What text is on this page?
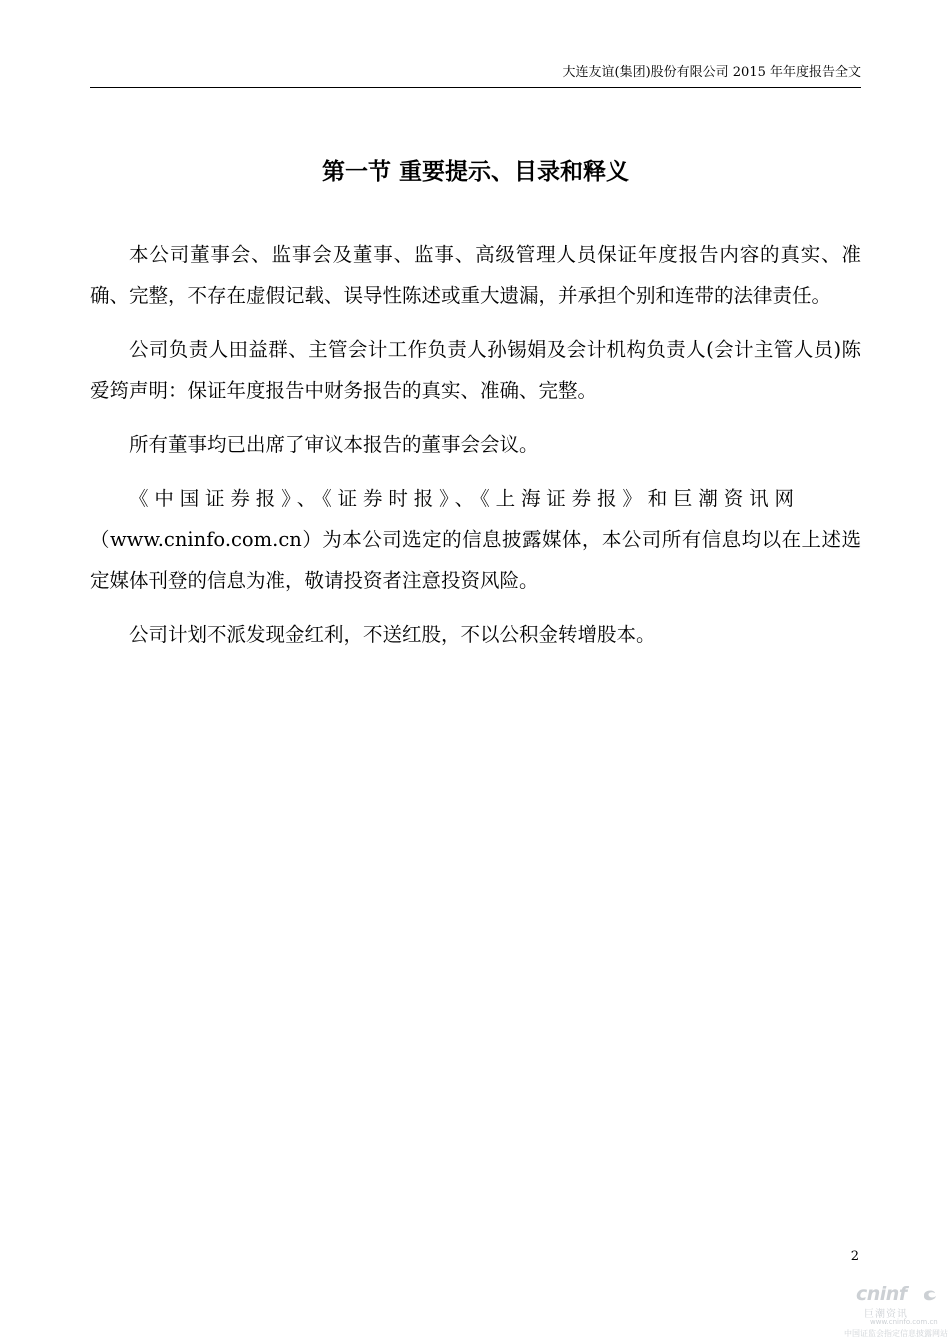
大连友谊(集团)股份有限公司 2015 年年度报告全文
第一节 重要提示、目录和释义

本公司董事会、监事会及董事、监事、高级管理人员保证年度报告内容的真实、准确、完整，不存在虚假记载、误导性陈述或重大遗漏，并承担个别和连带的法律责任。

公司负责人田益群、主管会计工作负责人孙锡娟及会计机构负责人(会计主管人员)陈爱筠声明：保证年度报告中财务报告的真实、准确、完整。

所有董事均已出席了审议本报告的董事会会议。

《中国证券报》、《证券时报》、《上海证券报》和巨潮资讯网

（www.cninfo.com.cn）为本公司选定的信息披露媒体，本公司所有信息均以在上述选定媒体刊登的信息为准，敬请投资者注意投资风险。

公司计划不派发现金红利，不送红股，不以公积金转增股本。

2
cninf
巨潮资讯
www.cninfo.com.cn
中国证监会指定信息披露网站
